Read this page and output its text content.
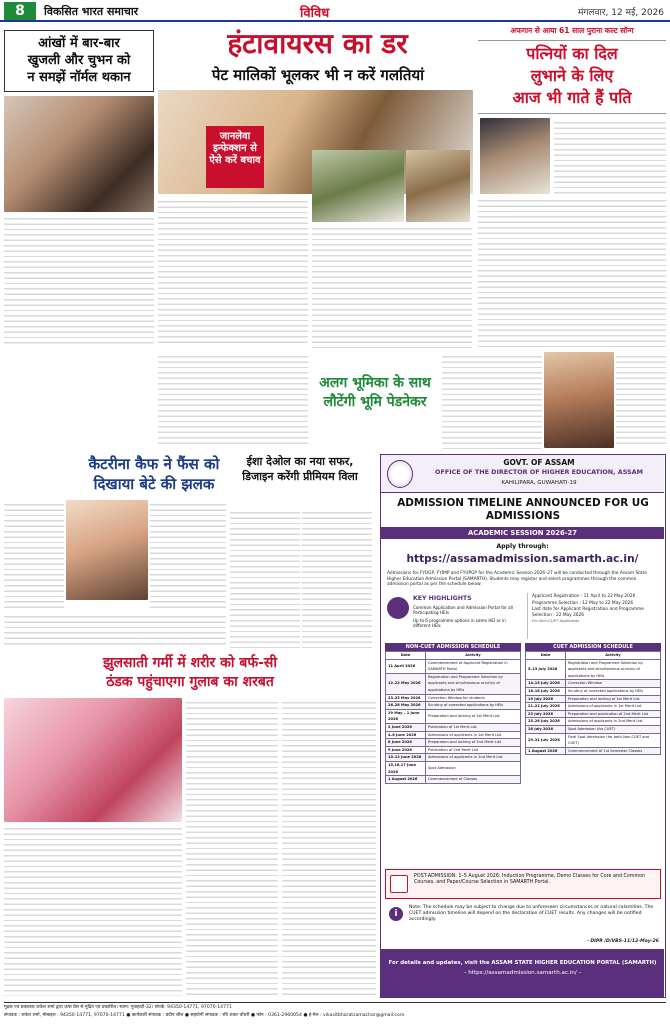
8	विकसित भारत समाचार	विविध	मंगलवार, 12 मई, 2026
आंखों में बार-बार
खुजली और चुभन को
न समझें नॉर्मल थकान
हंटावायरस का डर
पेट मालिकों भूलकर भी न करें गलतियां
जानलेवा इन्फेक्शन से ऐसे करें बचाव
अफगान से आया 61 साल पुराना कल्ट सॉन्ग
पत्नियों का दिल
लुभाने के लिए
आज भी गाते हैं पति
अलग भूमिका के साथ लौटेंगी भूमि पेडनेकर
कैटरीना कैफ ने फैंस को
दिखाया बेटे की झलक
ईशा देओल का नया सफर, डिजाइन करेंगी प्रीमियम विला
झुलसाती गर्मी में शरीर को बर्फ-सी
ठंडक पहुंचाएगा गुलाब का शरबत
GOVT. OF ASSAM
OFFICE OF THE DIRECTOR OF HIGHER EDUCATION, ASSAM
KAHILIPARA, GUWAHATI-19
ADMISSION TIMELINE ANNOUNCED FOR UG ADMISSIONS
ACADEMIC SESSION 2026-27
Apply through:
https://assamadmission.samarth.ac.in/
Admissions for FYUGP, FYIMP and FYUPGP for the Academic Session 2026–27 will be conducted through the Assam State Higher Education Admission Portal (SAMARTH). Students may register and select programmes through the common admission portal as per the schedule below.
KEY HIGHLIGHTS
Common Application and Admission Portal for all Participating HEIs
Up to 6 programme options in same HEI or in different HEIs
Applicant Registration : 11 April to 22 May 2026
Programme Selection : 12 May to 22 May 2026
Last date for Applicant Registration and Programme Selection : 22 May 2026
For Non-CUET Applicants
NON-CUET ADMISSION SCHEDULE
Date	Activity
11 April 2026	Commencement of Applicant Registration in SAMARTH Portal
12–22 May 2026	Registration and Programme Selection by applicants and simultaneous scrutiny of applications by HEIs
23–25 May 2026	Correction Window for students
26–28 May 2026	Scrutiny of corrected applications by HEIs
29 May – 1 June 2026	Preparation and locking of 1st Merit List
2 June 2026	Publication of 1st Merit List
4–6 June 2026	Admissions of applicants in 1st Merit List
8 June 2026	Preparation and locking of 2nd Merit List
9 June 2026	Publication of 2nd Merit List
10–12 June 2026	Admissions of applicants in 2nd Merit List
15,16,17 June 2026	Spot Admission
1 August 2026	Commencement of Classes
CUET ADMISSION SCHEDULE
Date	Activity
5–13 July 2026	Registration and Programme Selection by applicants and simultaneous scrutiny of applications by HEIs
14–15 July 2026	Correction Window
16–18 July 2026	Scrutiny of corrected applications by HEIs
19 July 2026	Preparation and locking of 1st Merit List
21–22 July 2026	Admissions of applicants in 1st Merit List
23 July 2026	Preparation and publication of 2nd Merit List
25–26 July 2026	Admissions of applicants in 2nd Merit List
28 July 2026	Spot Admission (for CUET)
29–31 July 2026	Final Spot Admission (for both Non-CUET and CUET)
1 August 2026	Commencement of 1st Semester Classes
POST-ADMISSION: 1–5 August 2026: Induction Programme, Demo Classes for Core and Common Courses, and Paper/Course Selection in SAMARTH Portal.
i
Note: The schedule may be subject to change due to unforeseen circumstances or natural calamities. The CUET admission timeline will depend on the declaration of CUET results. Any changes will be notified accordingly.
- DIPR /D/VBS-11/12-May-26
For details and updates, visit the ASSAM STATE HIGHER EDUCATION PORTAL (SAMARTH)
– https://assamadmission.samarth.ac.in/ –
मुद्रक एवं प्रकाशक राकेश शर्मा द्वारा ऊषा प्रेस से मुद्रित एवं प्रकाशित। स्थान: गुवाहाटी-32। संपर्क: 94350-14771, 97070-14771
संपादक : राकेश शर्मा, मोबाइल : 94350-14771, 97070-14771 ● कार्यकारी संपादक : प्रदीप शील ● सहयोगी संपादक : रवि शंकर चौधरी ● फोन : 0361-2960054 ● ई-मेल : vikasitbharatsamachar@gmail.com
